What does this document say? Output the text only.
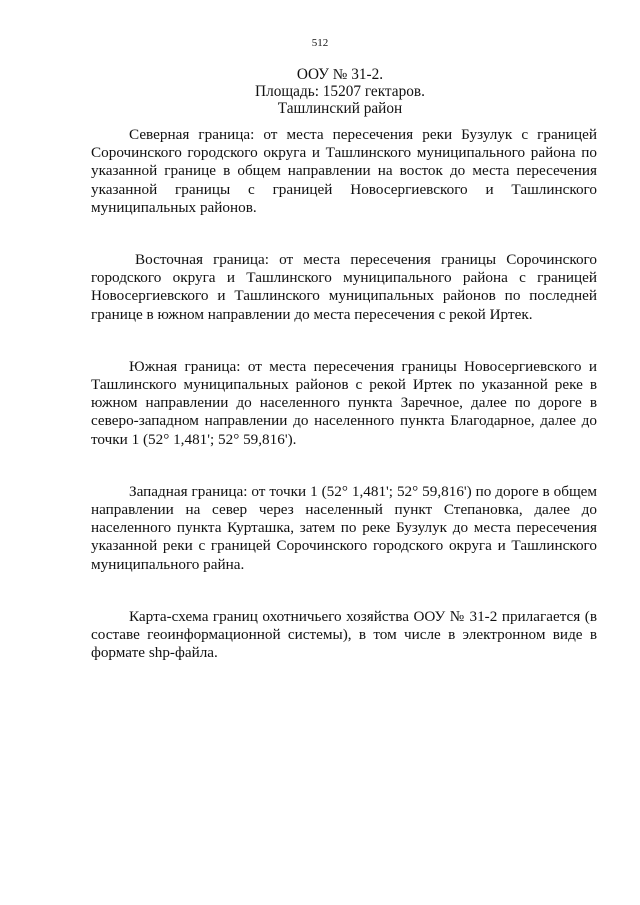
512
ООУ № 31-2.
Площадь: 15207 гектаров.
Ташлинский район

Северная граница: от места пересечения реки Бузулук с границей Сорочинского городского округа и Ташлинского муниципального района по указанной границе в общем направлении на восток до места пересечения указанной границы с границей Новосергиевского и Ташлинского муниципальных районов.

Восточная граница: от места пересечения границы Сорочинского городского округа и Ташлинского муниципального района с границей Новосергиевского и Ташлинского муниципальных районов по последней границе в южном направлении до места пересечения с рекой Иртек.

Южная граница: от места пересечения границы Новосергиевского и Ташлинского муниципальных районов с рекой Иртек по указанной реке в южном направлении до населенного пункта Заречное, далее по дороге в северо-западном направлении до населенного пункта Благодарное, далее до точки 1 (52° 1,481'; 52° 59,816').

Западная граница: от точки 1 (52° 1,481'; 52° 59,816') по дороге в общем направлении на север через населенный пункт Степановка, далее до населенного пункта Курташка, затем по реке Бузулук до места пересечения указанной реки с границей Сорочинского городского округа и Ташлинского муниципального райна.

Карта-схема границ охотничьего хозяйства ООУ № 31-2 прилагается (в составе геоинформационной системы), в том числе в электронном виде в формате shp-файла.
